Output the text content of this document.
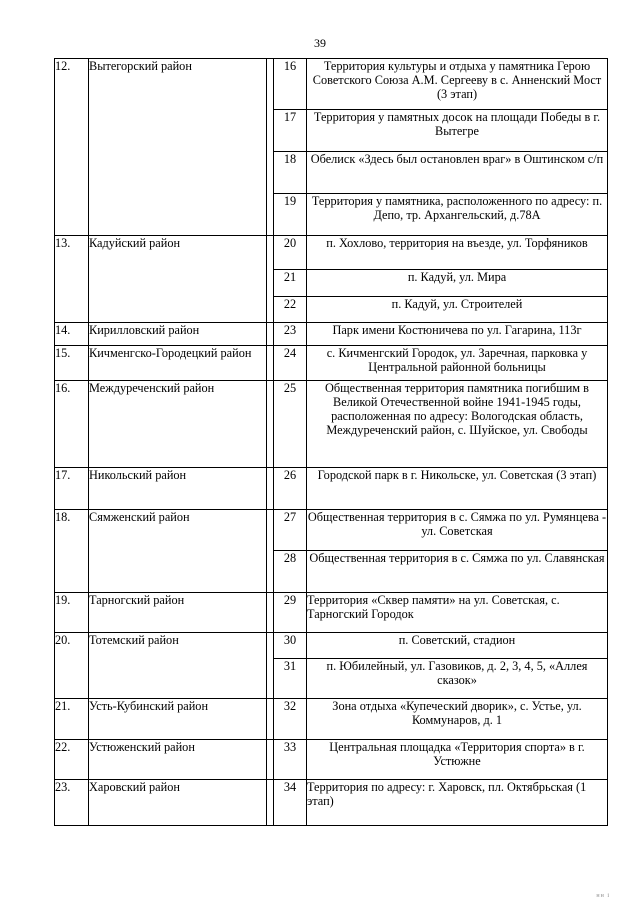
39
12.	Вытегорский район		16	Территория культуры и отдыха у памятника Герою Советского Союза А.М. Сергееву в с. Анненский Мост (3 этап)
			17	Территория у памятных досок на площади Победы в г. Вытегре
			18	Обелиск «Здесь был остановлен враг» в Оштинском с/п
			19	Территория у памятника, расположенного по адресу: п. Депо, тр. Архангельский, д.78А
13.	Кадуйский район		20	п. Хохлово, территория на въезде, ул. Торфяников
			21	п. Кадуй, ул. Мира
			22	п. Кадуй, ул. Строителей
14.	Кирилловский район		23	Парк имени Костюничева по ул. Гагарина, 113г
15.	Кичменгско-Городецкий район		24	с. Кичменгский Городок, ул. Заречная, парковка у Центральной районной больницы
16.	Междуреченский район		25	Общественная территория памятника погибшим в Великой Отечественной войне 1941-1945 годы, расположенная по адресу: Вологодская область, Междуреченский район, с. Шуйское, ул. Свободы
17.	Никольский район		26	Городской парк в г. Никольске, ул. Советская (3 этап)
18.	Сямженский район		27	Общественная территория в с. Сямжа по ул. Румянцева - ул. Советская
			28	Общественная территория в с. Сямжа по ул. Славянская
19.	Тарногский район		29	Территория «Сквер памяти» на ул. Советская, с. Тарногский Городок
20.	Тотемский район		30	п. Советский, стадион
			31	п. Юбилейный, ул. Газовиков, д. 2, 3, 4, 5, «Аллея сказок»
21.	Усть-Кубинский район		32	Зона отдыха «Купеческий дворик», с. Устье, ул. Коммунаров, д. 1
22.	Устюженский район		33	Центральная площадка «Территория спорта» в г. Устюжне
23.	Харовский район		34	Территория по адресу: г. Харовск, пл. Октябрьская (1 этап)
нн і
